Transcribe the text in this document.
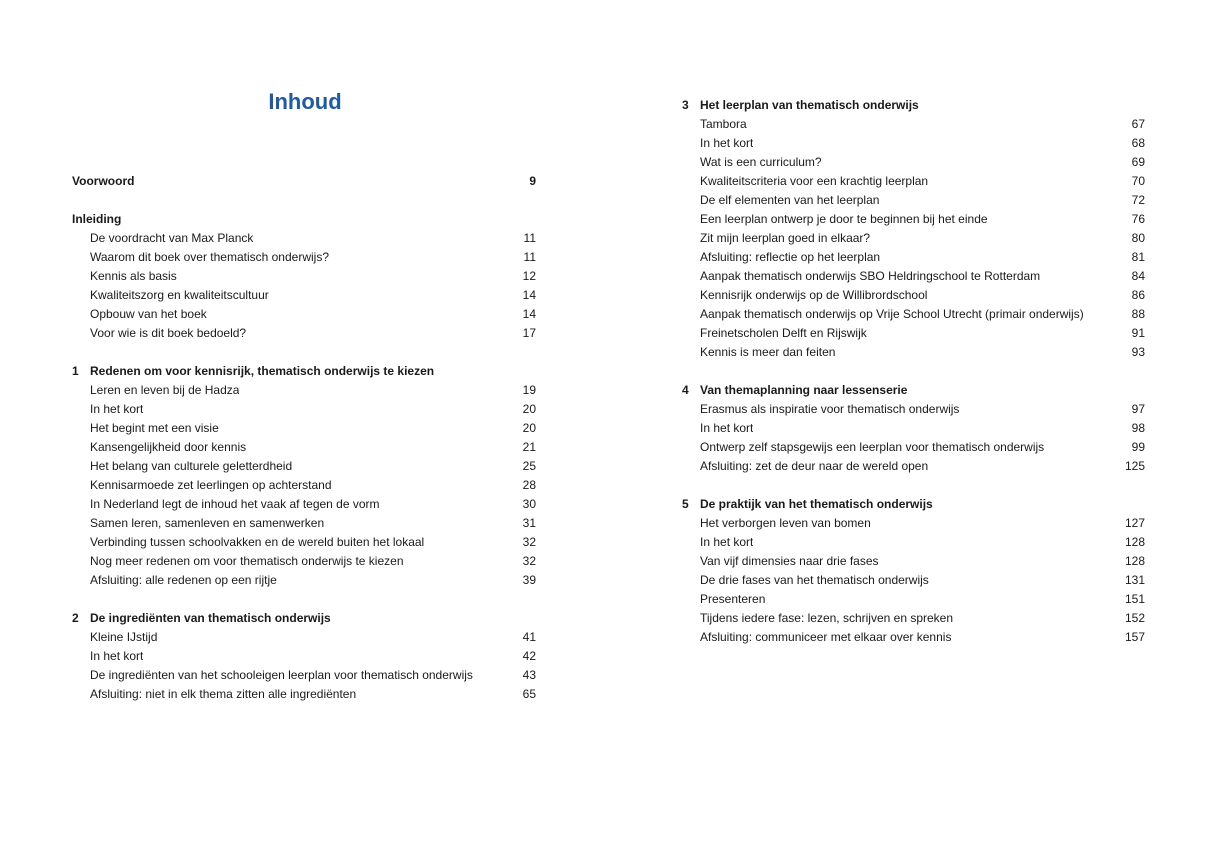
Inhoud
Voorwoord	9
Inleiding
De voordracht van Max Planck	11
Waarom dit boek over thematisch onderwijs?	11
Kennis als basis	12
Kwaliteitszorg en kwaliteitscultuur	14
Opbouw van het boek	14
Voor wie is dit boek bedoeld?	17
1 Redenen om voor kennisrijk, thematisch onderwijs te kiezen
Leren en leven bij de Hadza	19
In het kort	20
Het begint met een visie	20
Kansengelijkheid door kennis	21
Het belang van culturele geletterdheid	25
Kennisarmoede zet leerlingen op achterstand	28
In Nederland legt de inhoud het vaak af tegen de vorm	30
Samen leren, samenleven en samenwerken	31
Verbinding tussen schoolvakken en de wereld buiten het lokaal	32
Nog meer redenen om voor thematisch onderwijs te kiezen	32
Afsluiting: alle redenen op een rijtje	39
2 De ingrediënten van thematisch onderwijs
Kleine IJstijd	41
In het kort	42
De ingrediënten van het schooleigen leerplan voor thematisch onderwijs	43
Afsluiting: niet in elk thema zitten alle ingrediënten	65
3 Het leerplan van thematisch onderwijs
Tambora	67
In het kort	68
Wat is een curriculum?	69
Kwaliteitscriteria voor een krachtig leerplan	70
De elf elementen van het leerplan	72
Een leerplan ontwerp je door te beginnen bij het einde	76
Zit mijn leerplan goed in elkaar?	80
Afsluiting: reflectie op het leerplan	81
Aanpak thematisch onderwijs SBO Heldringschool te Rotterdam	84
Kennisrijk onderwijs op de Willibrordschool	86
Aanpak thematisch onderwijs op Vrije School Utrecht (primair onderwijs)	88
Freinetscholen Delft en Rijswijk	91
Kennis is meer dan feiten	93
4 Van themaplanning naar lessenserie
Erasmus als inspiratie voor thematisch onderwijs	97
In het kort	98
Ontwerp zelf stapsgewijs een leerplan voor thematisch onderwijs	99
Afsluiting: zet de deur naar de wereld open	125
5 De praktijk van het thematisch onderwijs
Het verborgen leven van bomen	127
In het kort	128
Van vijf dimensies naar drie fases	128
De drie fases van het thematisch onderwijs	131
Presenteren	151
Tijdens iedere fase: lezen, schrijven en spreken	152
Afsluiting: communiceer met elkaar over kennis	157
